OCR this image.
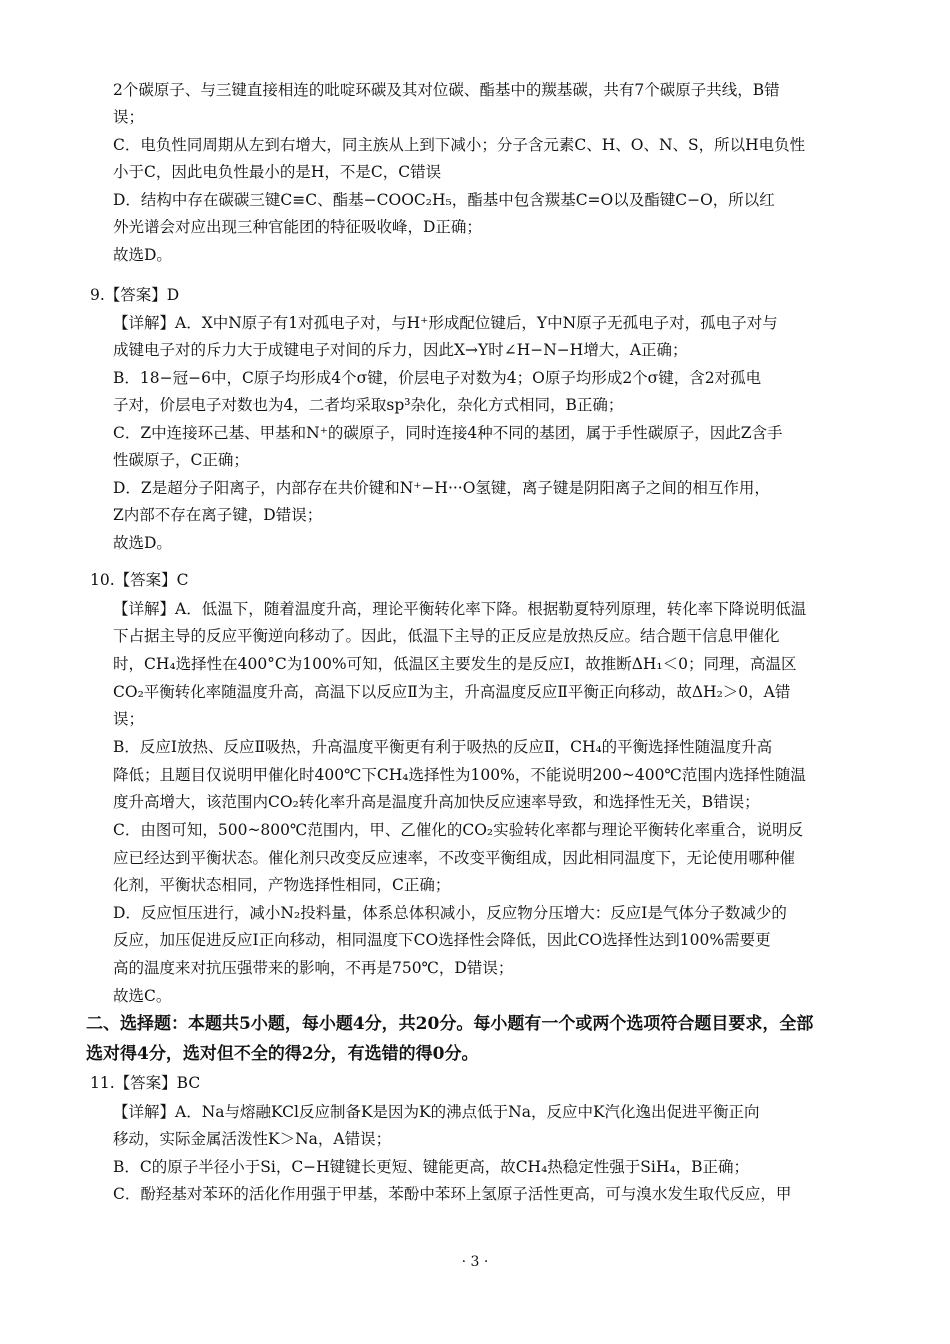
2个碳原子、与三键直接相连的吡啶环碳及其对位碳、酯基中的羰基碳，共有7个碳原子共线，B错
误；
C．电负性同周期从左到右增大，同主族从上到下减小；分子含元素C、H、O、N、S，所以H电负性
小于C，因此电负性最小的是H，不是C，C错误
D．结构中存在碳碳三键C≡C、酯基−COOC₂H₅，酯基中包含羰基C=O以及酯键C−O，所以红
外光谱会对应出现三种官能团的特征吸收峰，D正确；
故选D。
9.【答案】D
【详解】A．X中N原子有1对孤电子对，与H⁺形成配位键后，Y中N原子无孤电子对，孤电子对与
成键电子对的斥力大于成键电子对间的斥力，因此X→Y时∠H−N−H增大，A正确；
B．18−冠−6中，C原子均形成4个σ键，价层电子对数为4；O原子均形成2个σ键，含2对孤电
子对，价层电子对数也为4，二者均采取sp³杂化，杂化方式相同，B正确；
C．Z中连接环己基、甲基和N⁺的碳原子，同时连接4种不同的基团，属于手性碳原子，因此Z含手
性碳原子，C正确；
D．Z是超分子阳离子，内部存在共价键和N⁺−H···O氢键，离子键是阴阳离子之间的相互作用，
Z内部不存在离子键，D错误；
故选D。
10.【答案】C
【详解】A．低温下，随着温度升高，理论平衡转化率下降。根据勒夏特列原理，转化率下降说明低温
下占据主导的反应平衡逆向移动了。因此，低温下主导的正反应是放热反应。结合题干信息甲催化
时，CH₄选择性在400°C为100%可知，低温区主要发生的是反应Ⅰ，故推断ΔH₁＜0；同理，高温区
CO₂平衡转化率随温度升高，高温下以反应Ⅱ为主，升高温度反应Ⅱ平衡正向移动，故ΔH₂＞0，A错
误；
B．反应I放热、反应Ⅱ吸热，升高温度平衡更有利于吸热的反应Ⅱ，CH₄的平衡选择性随温度升高
降低；且题目仅说明甲催化时400℃下CH₄选择性为100%，不能说明200~400℃范围内选择性随温
度升高增大，该范围内CO₂转化率升高是温度升高加快反应速率导致，和选择性无关，B错误；
C．由图可知，500~800℃范围内，甲、乙催化的CO₂实验转化率都与理论平衡转化率重合，说明反
应已经达到平衡状态。催化剂只改变反应速率，不改变平衡组成，因此相同温度下，无论使用哪种催
化剂，平衡状态相同，产物选择性相同，C正确；
D．反应恒压进行，减小N₂投料量，体系总体积减小，反应物分压增大：反应Ⅰ是气体分子数减少的
反应，加压促进反应Ⅰ正向移动，相同温度下CO选择性会降低，因此CO选择性达到100%需要更
高的温度来对抗压强带来的影响，不再是750℃，D错误；
故选C。
二、选择题：本题共5小题，每小题4分，共20分。每小题有一个或两个选项符合题目要求，全部
选对得4分，选对但不全的得2分，有选错的得0分。
11.【答案】BC
【详解】A．Na与熔融KCl反应制备K是因为K的沸点低于Na，反应中K汽化逸出促进平衡正向
移动，实际金属活泼性K＞Na，A错误；
B．C的原子半径小于Si，C−H键键长更短、键能更高，故CH₄热稳定性强于SiH₄，B正确；
C．酚羟基对苯环的活化作用强于甲基，苯酚中苯环上氢原子活性更高，可与溴水发生取代反应，甲
· 3 ·
